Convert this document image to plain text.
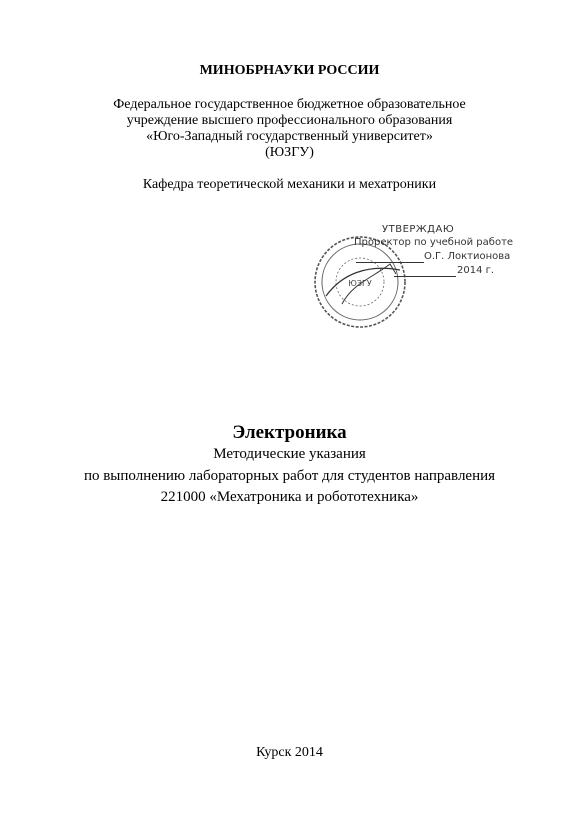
МИНОБРНАУКИ РОССИИ
Федеральное государственное бюджетное образовательное
учреждение высшего профессионального образования
«Юго-Западный государственный университет»
(ЮЗГУ)
Кафедра теоретической механики и мехатроники
ЮЗГУ
УТВЕРЖДАЮ
Проректор по учебной работе
О.Г. Локтионова
2014 г.
Электроника
Методические указания
по выполнению лабораторных работ для студентов направления
221000 «Мехатроника и робототехника»
Курск 2014
